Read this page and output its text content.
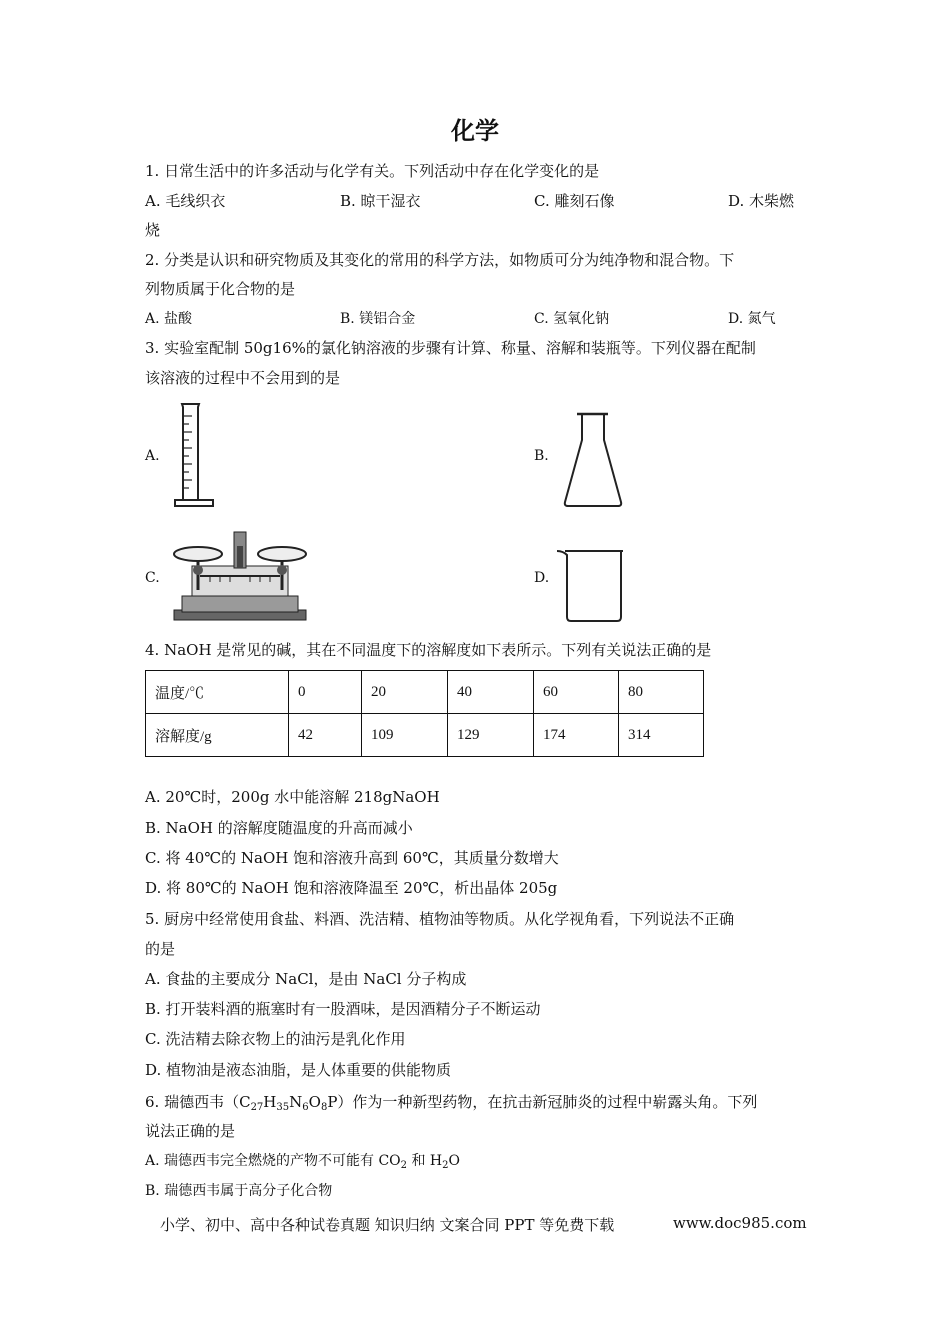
化学
1. 日常生活中的许多活动与化学有关。下列活动中存在化学变化的是
A. 毛线织衣	B. 晾干湿衣	C. 雕刻石像	D. 木柴燃
烧
2. 分类是认识和研究物质及其变化的常用的科学方法，如物质可分为纯净物和混合物。下
列物质属于化合物的是
A. 盐酸	B. 镁铝合金	C. 氢氧化钠	D. 氮气
3. 实验室配制 50g16%的氯化钠溶液的步骤有计算、称量、溶解和装瓶等。下列仪器在配制
该溶液的过程中不会用到的是
A.	B.
C.	D.
4. NaOH 是常见的碱，其在不同温度下的溶解度如下表所示。下列有关说法正确的是
温度/℃	0	20	40	60	80
溶解度/g	42	109	129	174	314
A. 20℃时，200g 水中能溶解 218gNaOH
B. NaOH 的溶解度随温度的升高而减小
C. 将 40℃的 NaOH 饱和溶液升高到 60℃，其质量分数增大
D. 将 80℃的 NaOH 饱和溶液降温至 20℃，析出晶体 205g
5. 厨房中经常使用食盐、料酒、洗洁精、植物油等物质。从化学视角看，下列说法不正确
的是
A. 食盐的主要成分 NaCl，是由 NaCl 分子构成
B. 打开装料酒的瓶塞时有一股酒味，是因酒精分子不断运动
C. 洗洁精去除衣物上的油污是乳化作用
D. 植物油是液态油脂，是人体重要的供能物质
6. 瑞德西韦$(C_{27}H_{35}N_6O_8P)$作为一种新型药物，在抗击新冠肺炎的过程中崭露头角。下列
说法正确的是
A. 瑞德西韦完全燃烧的产物不可能有 $CO_2$ 和 $H_2O$
B. 瑞德西韦属于高分子化合物
小学、初中、高中各种试卷真题 知识归纳 文案合同 PPT 等免费下载	www.doc985.com
